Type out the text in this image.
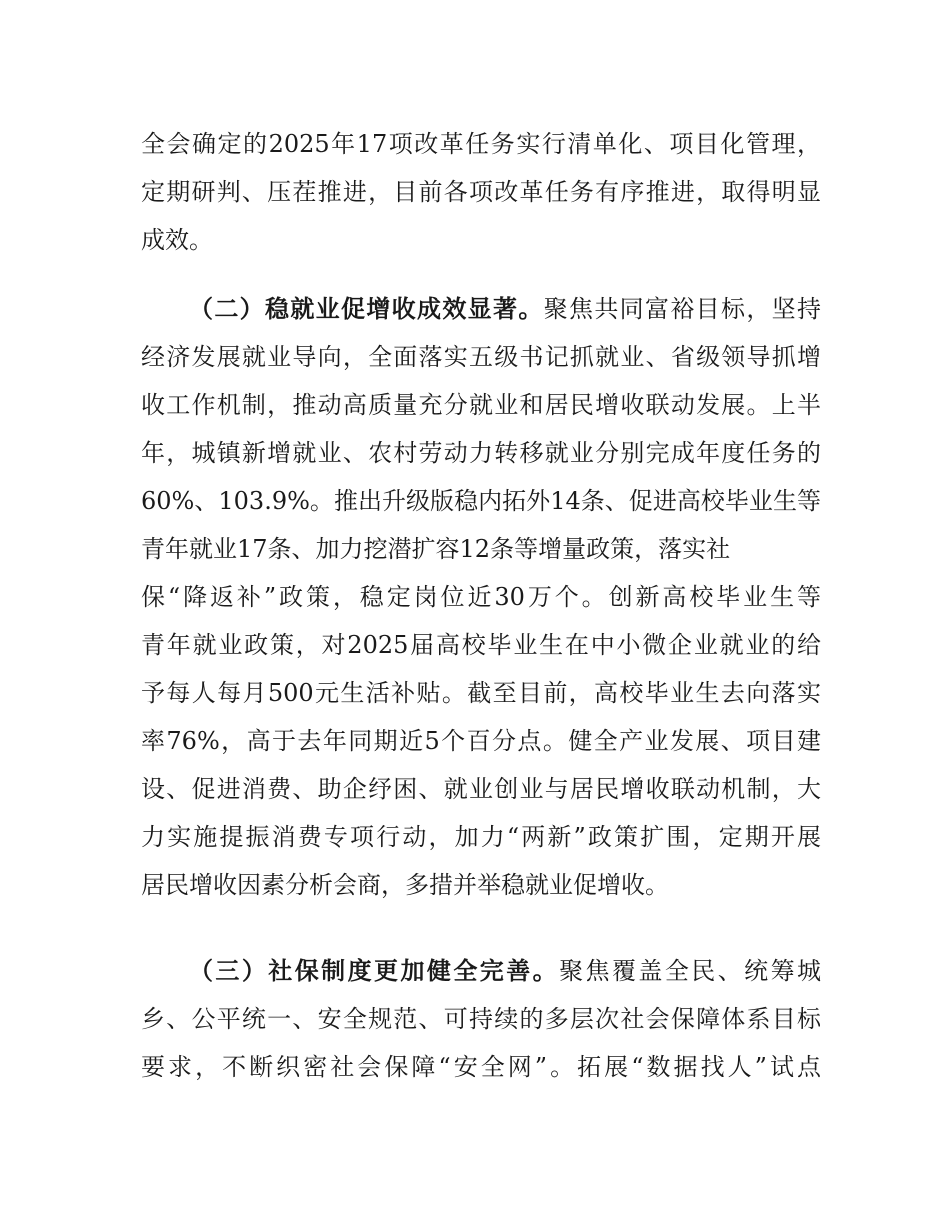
全会确定的2025年17项改革任务实行清单化、项目化管理，
定期研判、压茬推进，目前各项改革任务有序推进，取得明显
成效。
（二）稳就业促增收成效显著。聚焦共同富裕目标，坚持
经济发展就业导向，全面落实五级书记抓就业、省级领导抓增
收工作机制，推动高质量充分就业和居民增收联动发展。上半
年，城镇新增就业、农村劳动力转移就业分别完成年度任务的
60%、103.9%。推出升级版稳内拓外14条、促进高校毕业生等
青年就业17条、加力挖潜扩容12条等增量政策，落实社
保“降返补”政策，稳定岗位近30万个。创新高校毕业生等
青年就业政策，对2025届高校毕业生在中小微企业就业的给
予每人每月500元生活补贴。截至目前，高校毕业生去向落实
率76%，高于去年同期近5个百分点。健全产业发展、项目建
设、促进消费、助企纾困、就业创业与居民增收联动机制，大
力实施提振消费专项行动，加力“两新”政策扩围，定期开展
居民增收因素分析会商，多措并举稳就业促增收。
（三）社保制度更加健全完善。聚焦覆盖全民、统筹城
乡、公平统一、安全规范、可持续的多层次社会保障体系目标
要求，不断织密社会保障“安全网”。拓展“数据找人”试点
